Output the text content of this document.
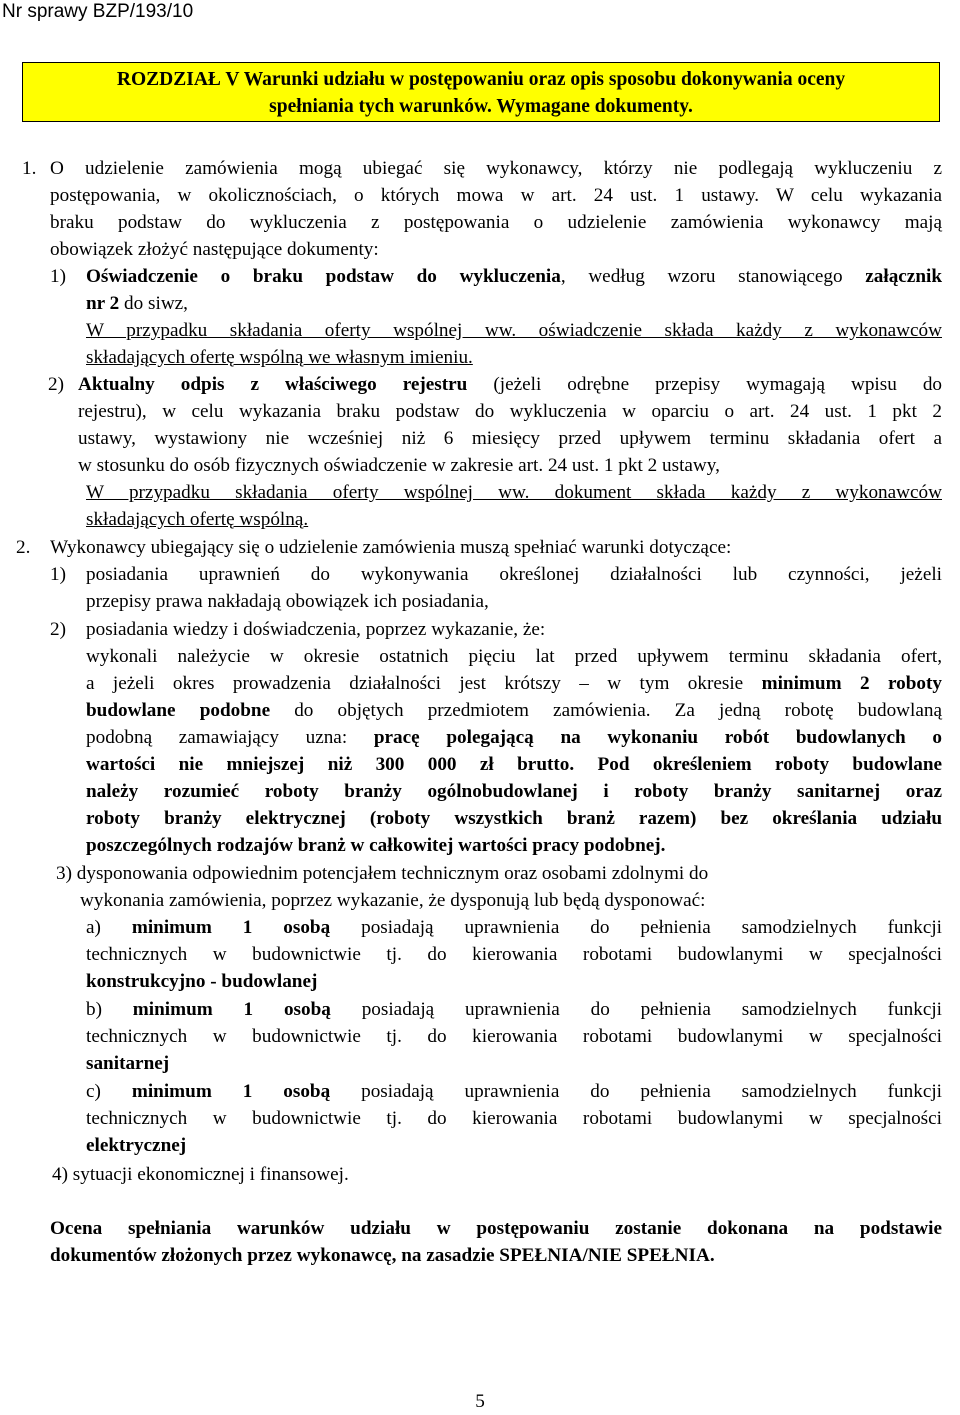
Nr sprawy BZP/193/10
ROZDZIAŁ V Warunki udziału w postępowaniu oraz opis sposobu dokonywania oceny
spełniania tych warunków. Wymagane dokumenty.
1. O udzielenie zamówienia mogą ubiegać się wykonawcy, którzy nie podlegają wykluczeniu z
postępowania, w okolicznościach, o których mowa w art. 24 ust. 1 ustawy. W celu wykazania
braku podstaw do wykluczenia z postępowania o udzielenie zamówienia wykonawcy mają
obowiązek złożyć następujące dokumenty:
1) Oświadczenie o braku podstaw do wykluczenia, według wzoru stanowiącego załącznik
nr 2 do siwz,
W przypadku składania oferty wspólnej ww. oświadczenie składa każdy z wykonawców
składających ofertę wspólną we własnym imieniu.
2) Aktualny odpis z właściwego rejestru (jeżeli odrębne przepisy wymagają wpisu do
rejestru), w celu wykazania braku podstaw do wykluczenia w oparciu o art. 24 ust. 1 pkt 2
ustawy, wystawiony nie wcześniej niż 6 miesięcy przed upływem terminu składania ofert a
w stosunku do osób fizycznych oświadczenie w zakresie art. 24 ust. 1 pkt 2 ustawy,
W przypadku składania oferty wspólnej ww. dokument składa każdy z wykonawców
składających ofertę wspólną.
2. Wykonawcy ubiegający się o udzielenie zamówienia muszą spełniać warunki dotyczące:
1) posiadania uprawnień do wykonywania określonej działalności lub czynności, jeżeli
przepisy prawa nakładają obowiązek ich posiadania,
2) posiadania wiedzy i doświadczenia, poprzez wykazanie, że:
wykonali należycie w okresie ostatnich pięciu lat przed upływem terminu składania ofert,
a jeżeli okres prowadzenia działalności jest krótszy – w tym okresie minimum 2 roboty
budowlane podobne do objętych przedmiotem zamówienia. Za jedną robotę budowlaną
podobną zamawiający uzna: pracę polegającą na wykonaniu robót budowlanych o
wartości nie mniejszej niż 300 000 zł brutto. Pod określeniem roboty budowlane
należy rozumieć roboty branży ogólnobudowlanej i roboty branży sanitarnej oraz
roboty branży elektrycznej (roboty wszystkich branż razem) bez określania udziału
poszczególnych rodzajów branż w całkowitej wartości pracy podobnej.
3) dysponowania odpowiednim potencjałem technicznym oraz osobami zdolnymi do
wykonania zamówienia, poprzez wykazanie, że dysponują lub będą dysponować:
a) minimum 1 osobą posiadają uprawnienia do pełnienia samodzielnych funkcji
technicznych w budownictwie tj. do kierowania robotami budowlanymi w specjalności
konstrukcyjno - budowlanej
b) minimum 1 osobą posiadają uprawnienia do pełnienia samodzielnych funkcji
technicznych w budownictwie tj. do kierowania robotami budowlanymi w specjalności
sanitarnej
c) minimum 1 osobą posiadają uprawnienia do pełnienia samodzielnych funkcji
technicznych w budownictwie tj. do kierowania robotami budowlanymi w specjalności
elektrycznej
4) sytuacji ekonomicznej i finansowej.
Ocena spełniania warunków udziału w postępowaniu zostanie dokonana na podstawie
dokumentów złożonych przez wykonawcę, na zasadzie SPEŁNIA/NIE SPEŁNIA.
5
